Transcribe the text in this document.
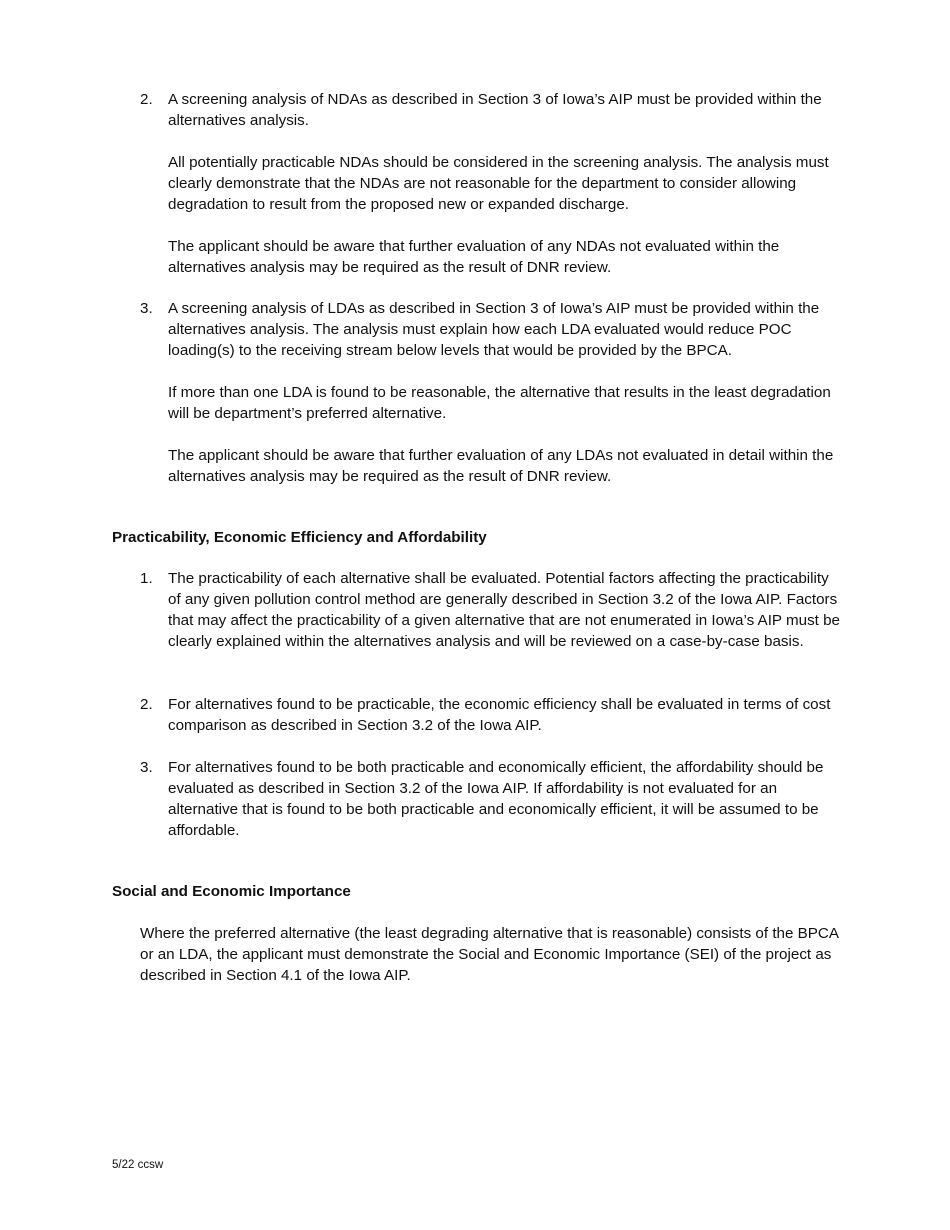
2. A screening analysis of NDAs as described in Section 3 of Iowa’s AIP must be provided within the alternatives analysis.

All potentially practicable NDAs should be considered in the screening analysis. The analysis must clearly demonstrate that the NDAs are not reasonable for the department to consider allowing degradation to result from the proposed new or expanded discharge.

The applicant should be aware that further evaluation of any NDAs not evaluated within the alternatives analysis may be required as the result of DNR review.

3. A screening analysis of LDAs as described in Section 3 of Iowa’s AIP must be provided within the alternatives analysis. The analysis must explain how each LDA evaluated would reduce POC loading(s) to the receiving stream below levels that would be provided by the BPCA.

If more than one LDA is found to be reasonable, the alternative that results in the least degradation will be department’s preferred alternative.

The applicant should be aware that further evaluation of any LDAs not evaluated in detail within the alternatives analysis may be required as the result of DNR review.

Practicability, Economic Efficiency and Affordability
1. The practicability of each alternative shall be evaluated. Potential factors affecting the practicability of any given pollution control method are generally described in Section 3.2 of the Iowa AIP. Factors that may affect the practicability of a given alternative that are not enumerated in Iowa’s AIP must be clearly explained within the alternatives analysis and will be reviewed on a case-by-case basis.

2. For alternatives found to be practicable, the economic efficiency shall be evaluated in terms of cost comparison as described in Section 3.2 of the Iowa AIP.

3. For alternatives found to be both practicable and economically efficient, the affordability should be evaluated as described in Section 3.2 of the Iowa AIP. If affordability is not evaluated for an alternative that is found to be both practicable and economically efficient, it will be assumed to be affordable.

Social and Economic Importance

Where the preferred alternative (the least degrading alternative that is reasonable) consists of the BPCA or an LDA, the applicant must demonstrate the Social and Economic Importance (SEI) of the project as described in Section 4.1 of the Iowa AIP.

5/22 ccsw
